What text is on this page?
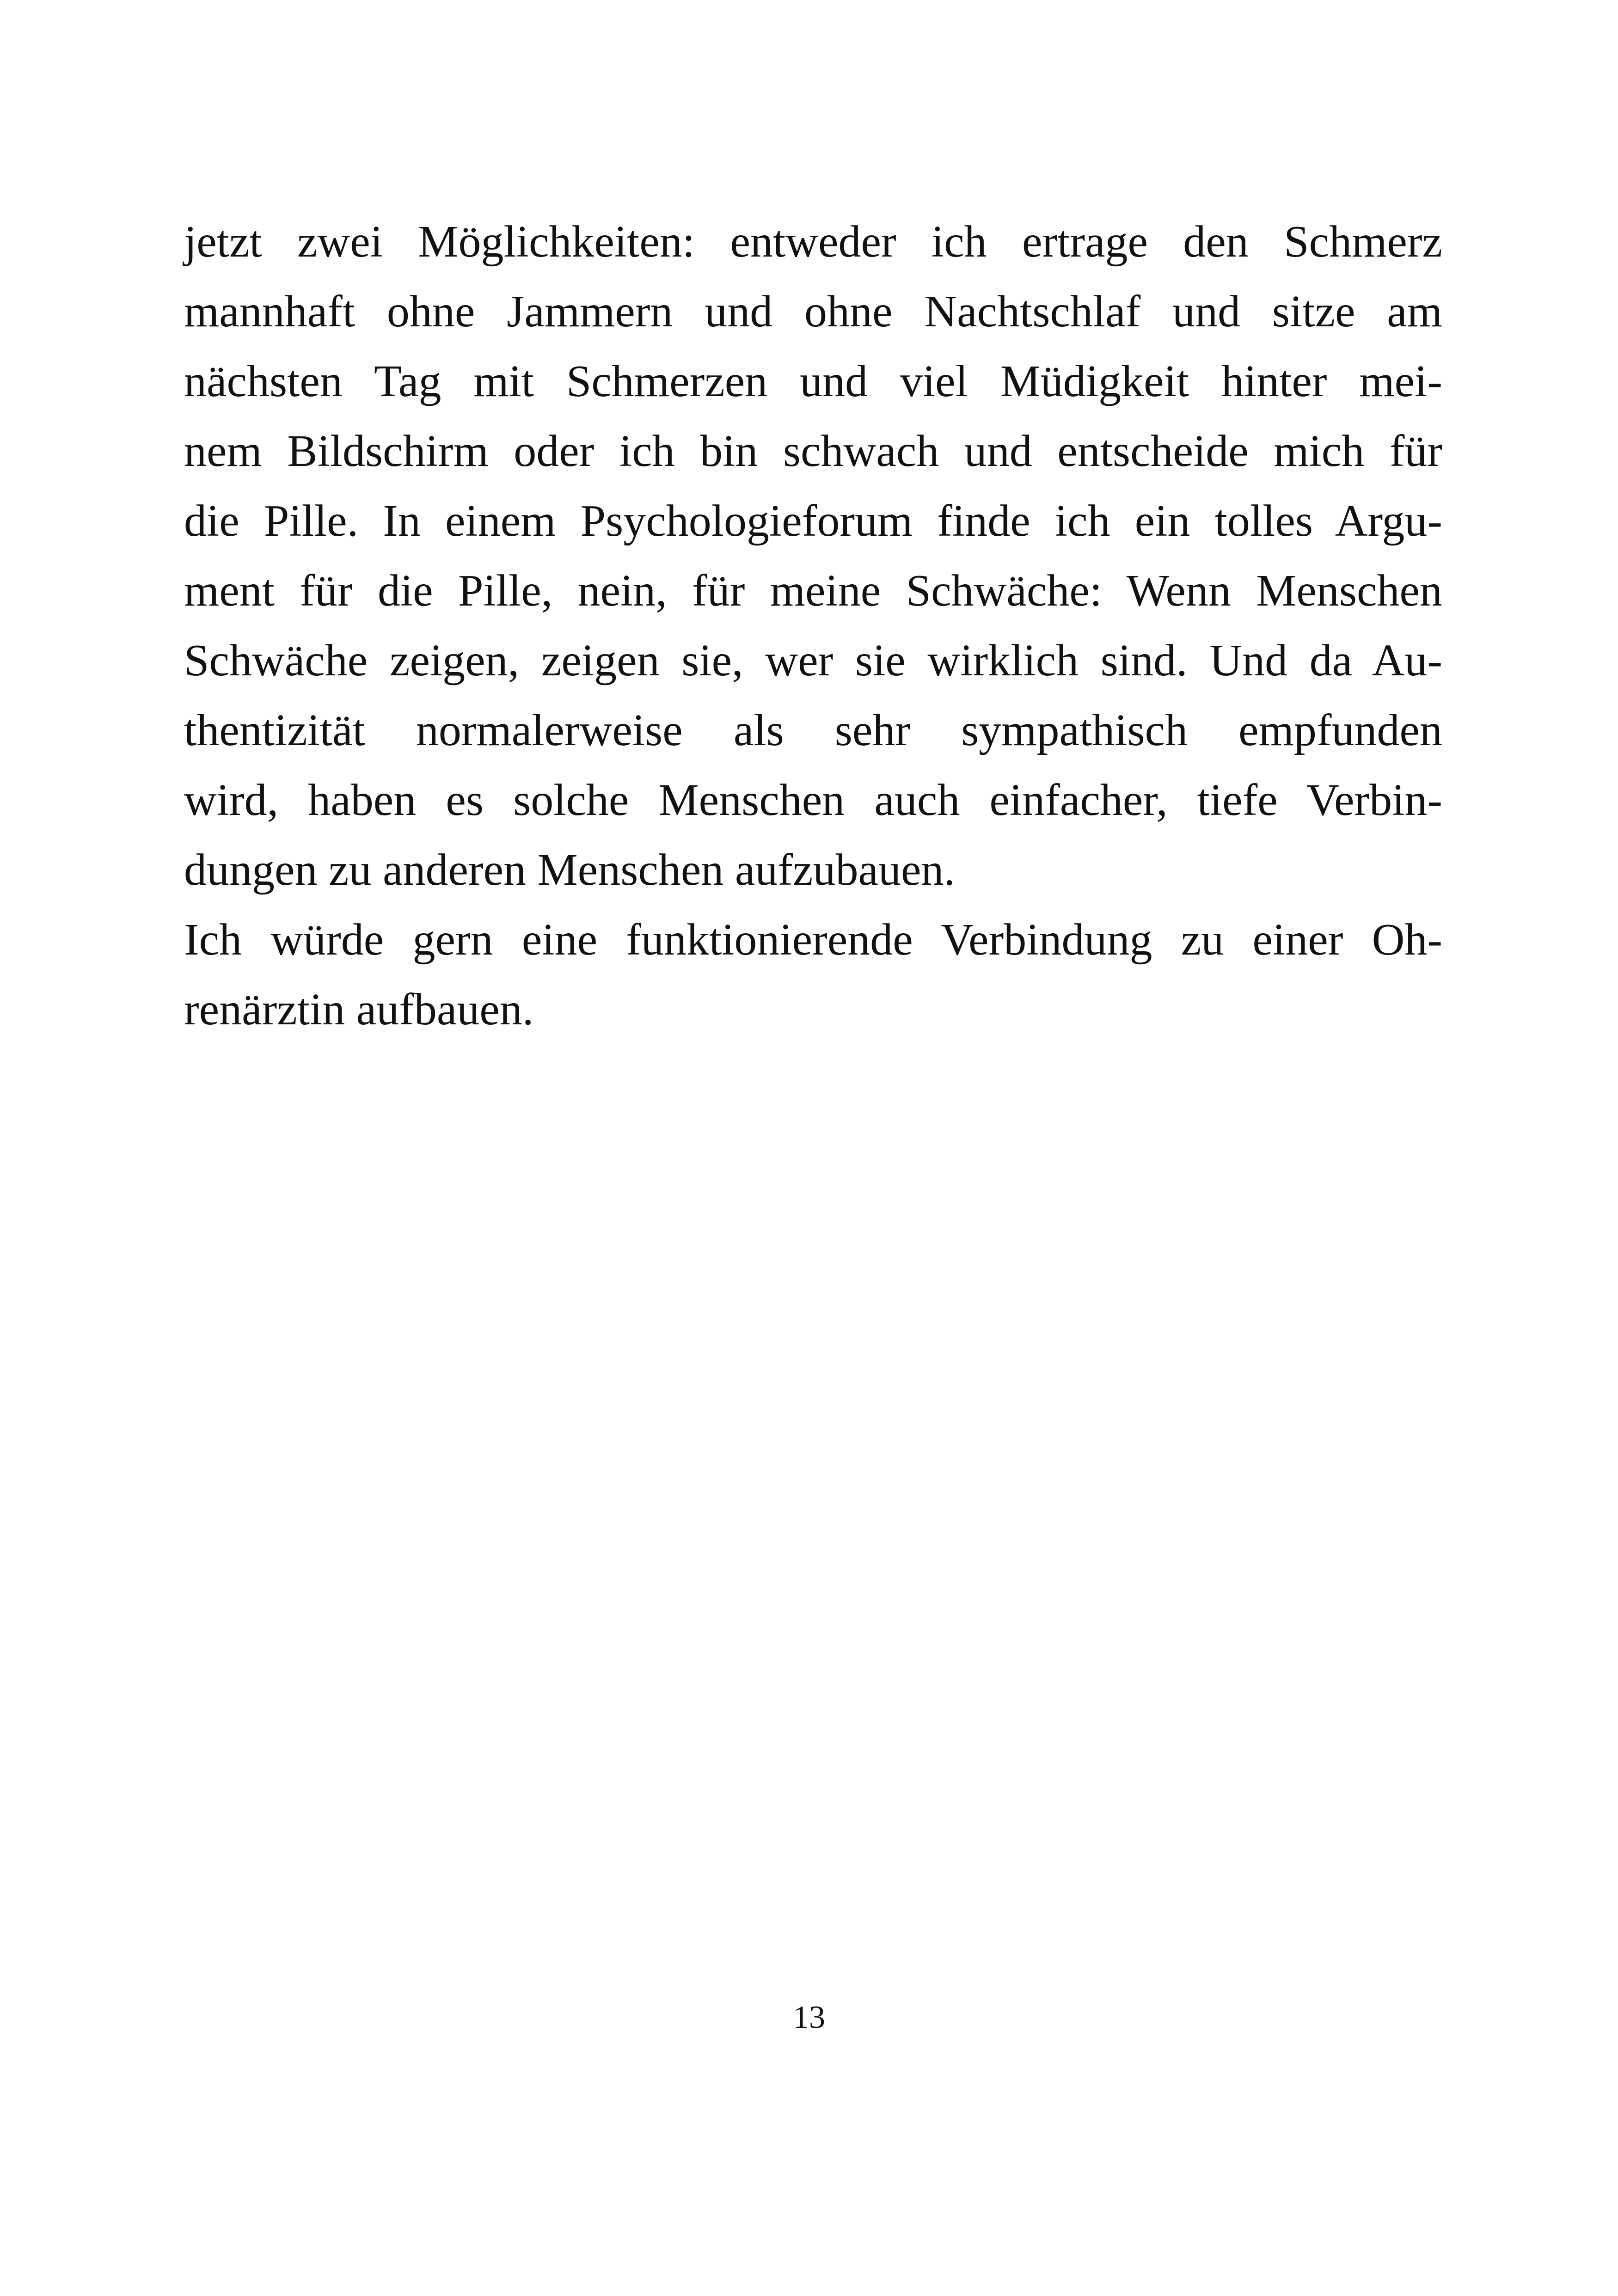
jetzt zwei Möglichkeiten: entweder ich ertrage den Schmerz
mannhaft ohne Jammern und ohne Nachtschlaf und sitze am
nächsten Tag mit Schmerzen und viel Müdigkeit hinter mei-
nem Bildschirm oder ich bin schwach und entscheide mich für
die Pille. In einem Psychologieforum finde ich ein tolles Argu-
ment für die Pille, nein, für meine Schwäche: Wenn Menschen
Schwäche zeigen, zeigen sie, wer sie wirklich sind. Und da Au-
thentizität normalerweise als sehr sympathisch empfunden
wird, haben es solche Menschen auch einfacher, tiefe Verbin-
dungen zu anderen Menschen aufzubauen.
Ich würde gern eine funktionierende Verbindung zu einer Oh-
renärztin aufbauen.
13
